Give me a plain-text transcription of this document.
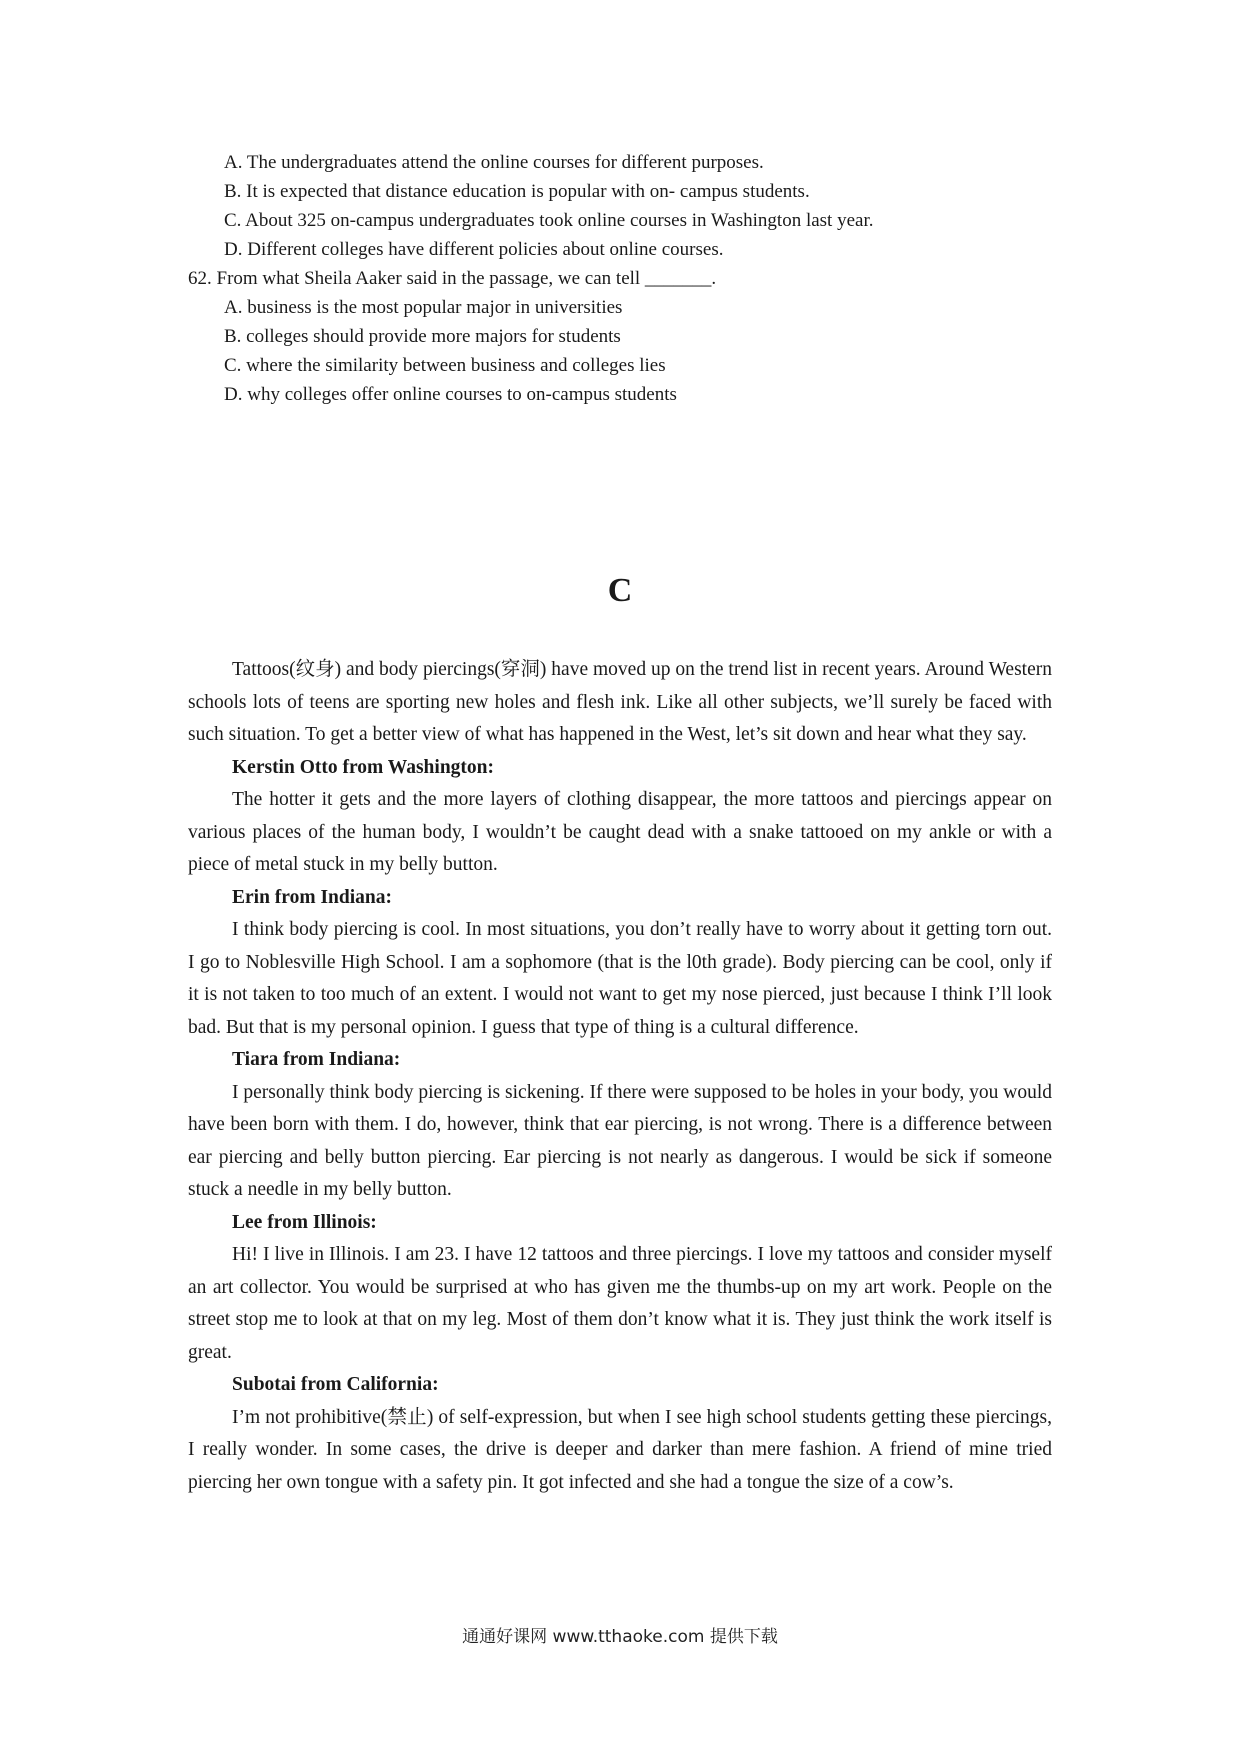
A. The undergraduates attend the online courses for different purposes.
B. It is expected that distance education is popular with on- campus students.
C. About 325 on-campus undergraduates took online courses in Washington last year.
D. Different colleges have different policies about online courses.
62. From what Sheila Aaker said in the passage, we can tell _______.
A. business is the most popular major in universities
B. colleges should provide more majors for students
C. where the similarity between business and colleges lies
D. why colleges offer online courses to on-campus students
C

Tattoos(纹身) and body piercings(穿洞) have moved up on the trend list in recent years. Around Western schools lots of teens are sporting new holes and flesh ink. Like all other subjects, we’ll surely be faced with such situation. To get a better view of what has happened in the West, let’s sit down and hear what they say.

Kerstin Otto from Washington:

The hotter it gets and the more layers of clothing disappear, the more tattoos and piercings appear on various places of the human body, I wouldn’t be caught dead with a snake tattooed on my ankle or with a piece of metal stuck in my belly button.

Erin from Indiana:

I think body piercing is cool. In most situations, you don’t really have to worry about it getting torn out. I go to Noblesville High School. I am a sophomore (that is the l0th grade). Body piercing can be cool, only if it is not taken to too much of an extent. I would not want to get my nose pierced, just because I think I’ll look bad. But that is my personal opinion. I guess that type of thing is a cultural difference.

Tiara from Indiana:

I personally think body piercing is sickening. If there were supposed to be holes in your body, you would have been born with them. I do, however, think that ear piercing, is not wrong. There is a difference between ear piercing and belly button piercing. Ear piercing is not nearly as dangerous. I would be sick if someone stuck a needle in my belly button.

Lee from Illinois:

Hi! I live in Illinois. I am 23. I have 12 tattoos and three piercings. I love my tattoos and consider myself an art collector. You would be surprised at who has given me the thumbs-up on my art work. People on the street stop me to look at that on my leg. Most of them don’t know what it is. They just think the work itself is great.

Subotai from California:

I’m not prohibitive(禁止) of self-expression, but when I see high school students getting these piercings, I really wonder. In some cases, the drive is deeper and darker than mere fashion. A friend of mine tried piercing her own tongue with a safety pin. It got infected and she had a tongue the size of a cow’s.

通通好课网 www.tthaoke.com 提供下载
